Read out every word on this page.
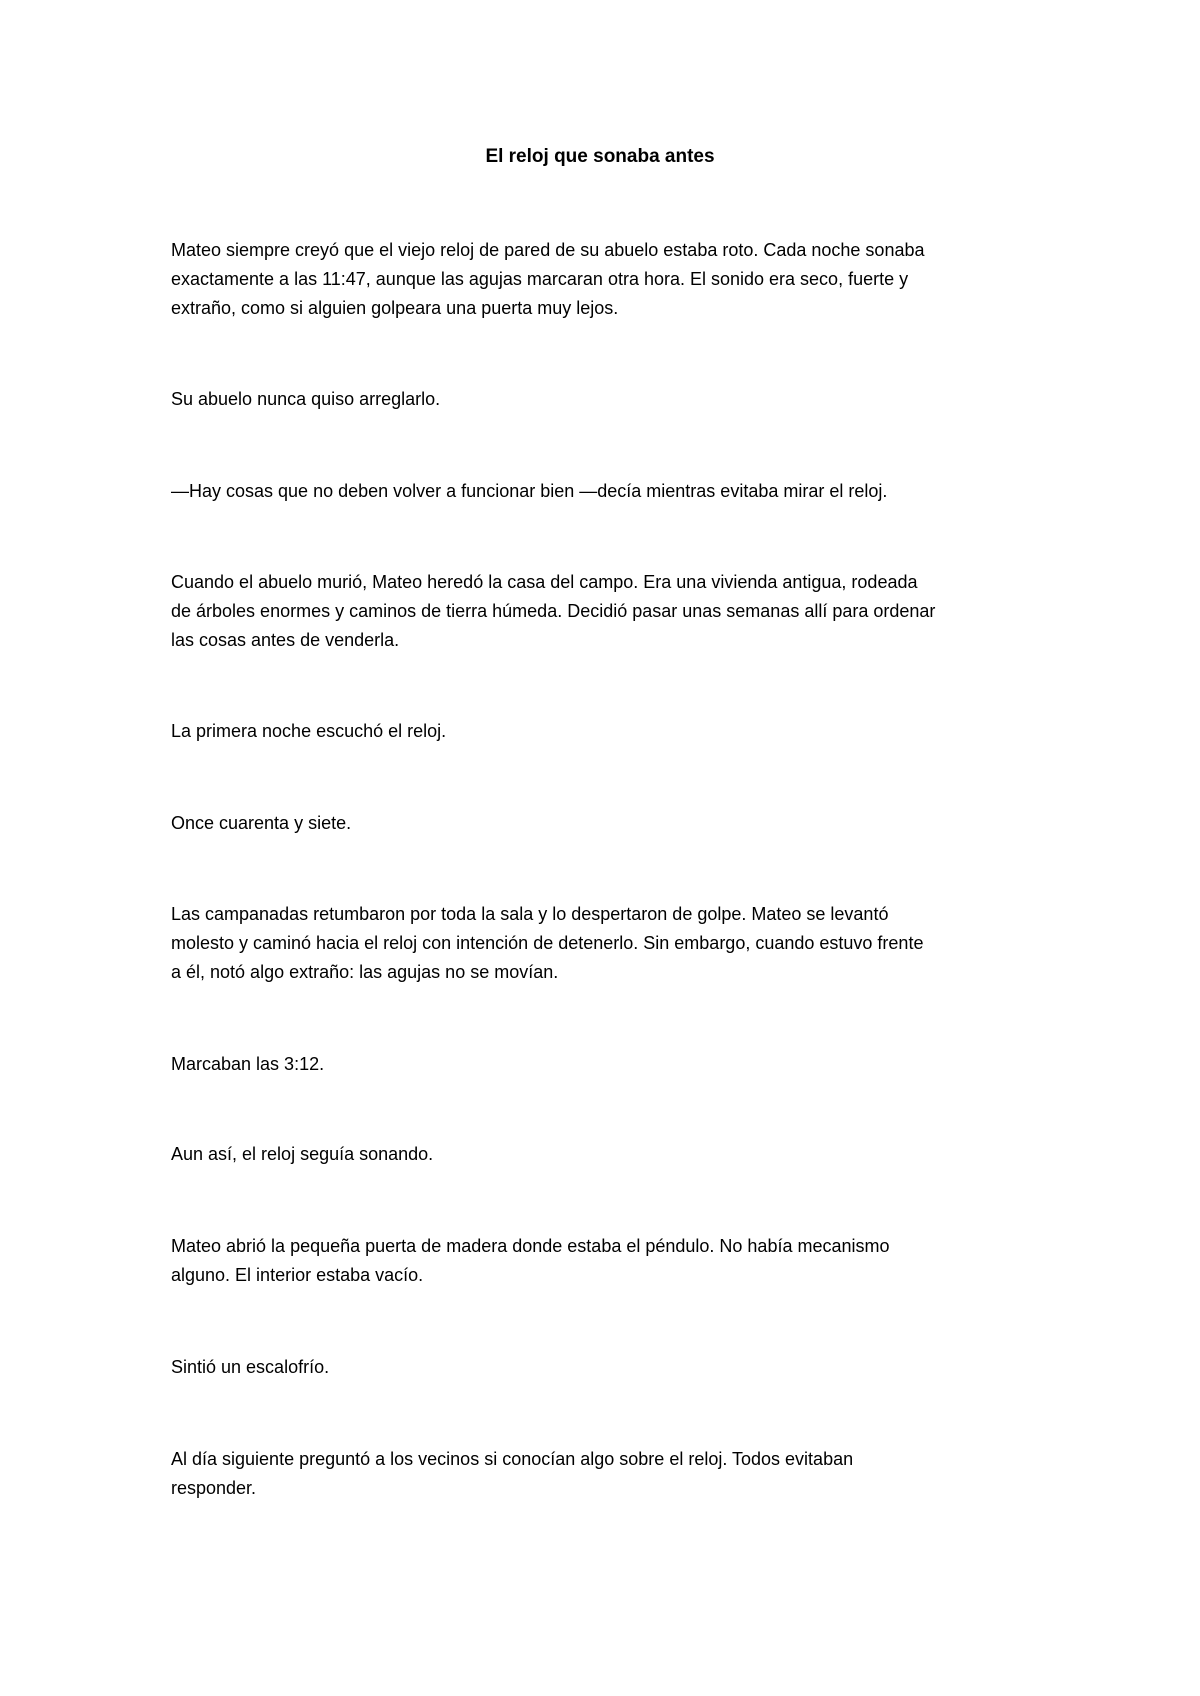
El reloj que sonaba antes

Mateo siempre creyó que el viejo reloj de pared de su abuelo estaba roto. Cada noche sonaba
exactamente a las 11:47, aunque las agujas marcaran otra hora. El sonido era seco, fuerte y
extraño, como si alguien golpeara una puerta muy lejos.

Su abuelo nunca quiso arreglarlo.

—Hay cosas que no deben volver a funcionar bien —decía mientras evitaba mirar el reloj.

Cuando el abuelo murió, Mateo heredó la casa del campo. Era una vivienda antigua, rodeada
de árboles enormes y caminos de tierra húmeda. Decidió pasar unas semanas allí para ordenar
las cosas antes de venderla.

La primera noche escuchó el reloj.

Once cuarenta y siete.

Las campanadas retumbaron por toda la sala y lo despertaron de golpe. Mateo se levantó
molesto y caminó hacia el reloj con intención de detenerlo. Sin embargo, cuando estuvo frente
a él, notó algo extraño: las agujas no se movían.

Marcaban las 3:12.

Aun así, el reloj seguía sonando.

Mateo abrió la pequeña puerta de madera donde estaba el péndulo. No había mecanismo
alguno. El interior estaba vacío.

Sintió un escalofrío.

Al día siguiente preguntó a los vecinos si conocían algo sobre el reloj. Todos evitaban
responder.
